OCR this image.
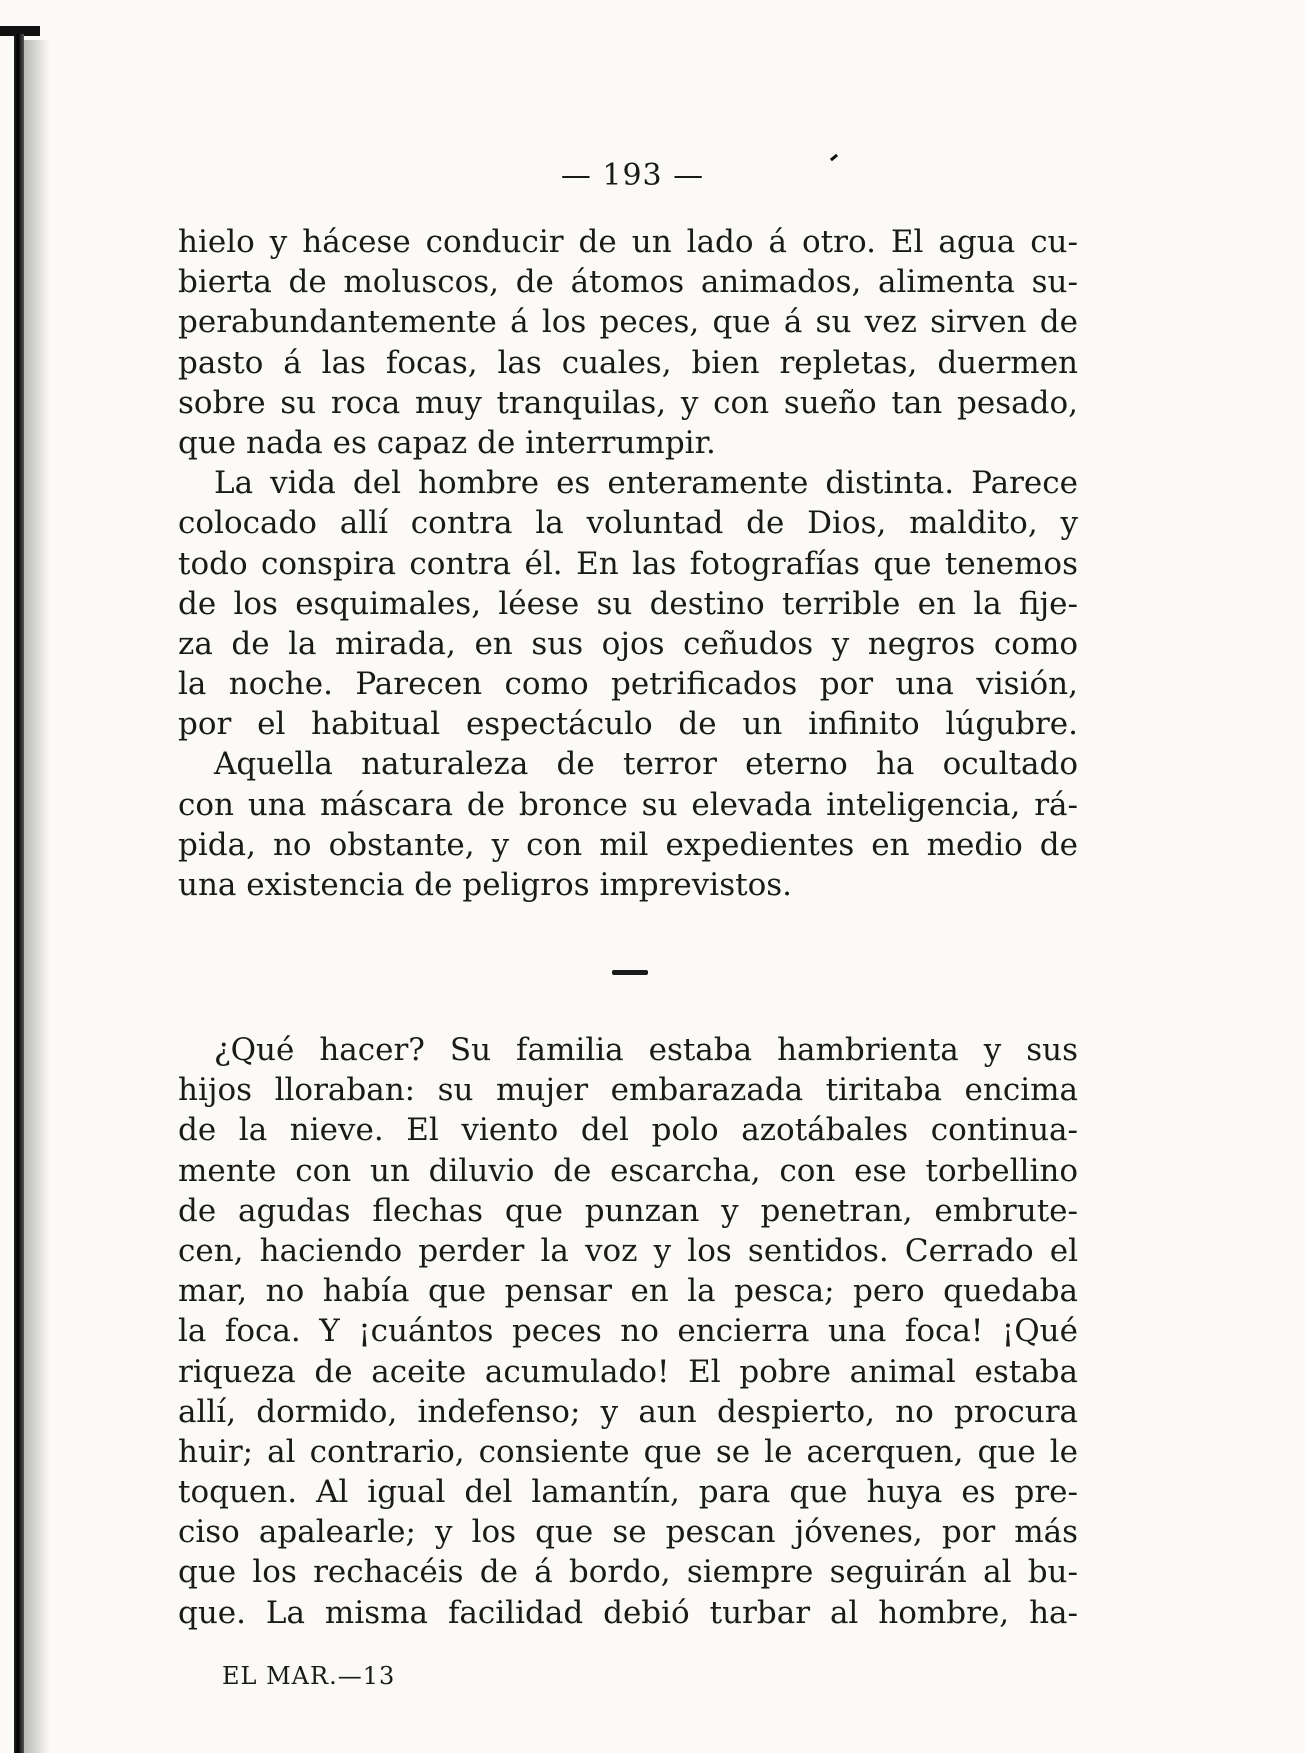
— 193 —
hielo y hácese conducir de un lado á otro. El agua cu-
bierta de moluscos, de átomos animados, alimenta su-
perabundantemente á los peces, que á su vez sirven de
pasto á las focas, las cuales, bien repletas, duermen
sobre su roca muy tranquilas, y con sueño tan pesado,
que nada es capaz de interrumpir.
La vida del hombre es enteramente distinta. Parece
colocado allí contra la voluntad de Dios, maldito, y
todo conspira contra él. En las fotografías que tenemos
de los esquimales, léese su destino terrible en la fije-
za de la mirada, en sus ojos ceñudos y negros como
la noche. Parecen como petrificados por una visión,
por el habitual espectáculo de un infinito lúgubre.
Aquella naturaleza de terror eterno ha ocultado
con una máscara de bronce su elevada inteligencia, rá-
pida, no obstante, y con mil expedientes en medio de
una existencia de peligros imprevistos.
¿Qué hacer? Su familia estaba hambrienta y sus
hijos lloraban: su mujer embarazada tiritaba encima
de la nieve. El viento del polo azotábales continua-
mente con un diluvio de escarcha, con ese torbellino
de agudas flechas que punzan y penetran, embrute-
cen, haciendo perder la voz y los sentidos. Cerrado el
mar, no había que pensar en la pesca; pero quedaba
la foca. Y ¡cuántos peces no encierra una foca! ¡Qué
riqueza de aceite acumulado! El pobre animal estaba
allí, dormido, indefenso; y aun despierto, no procura
huir; al contrario, consiente que se le acerquen, que le
toquen. Al igual del lamantín, para que huya es pre-
ciso apalearle; y los que se pescan jóvenes, por más
que los rechacéis de á bordo, siempre seguirán al bu-
que. La misma facilidad debió turbar al hombre, ha-
EL MAR.—13
